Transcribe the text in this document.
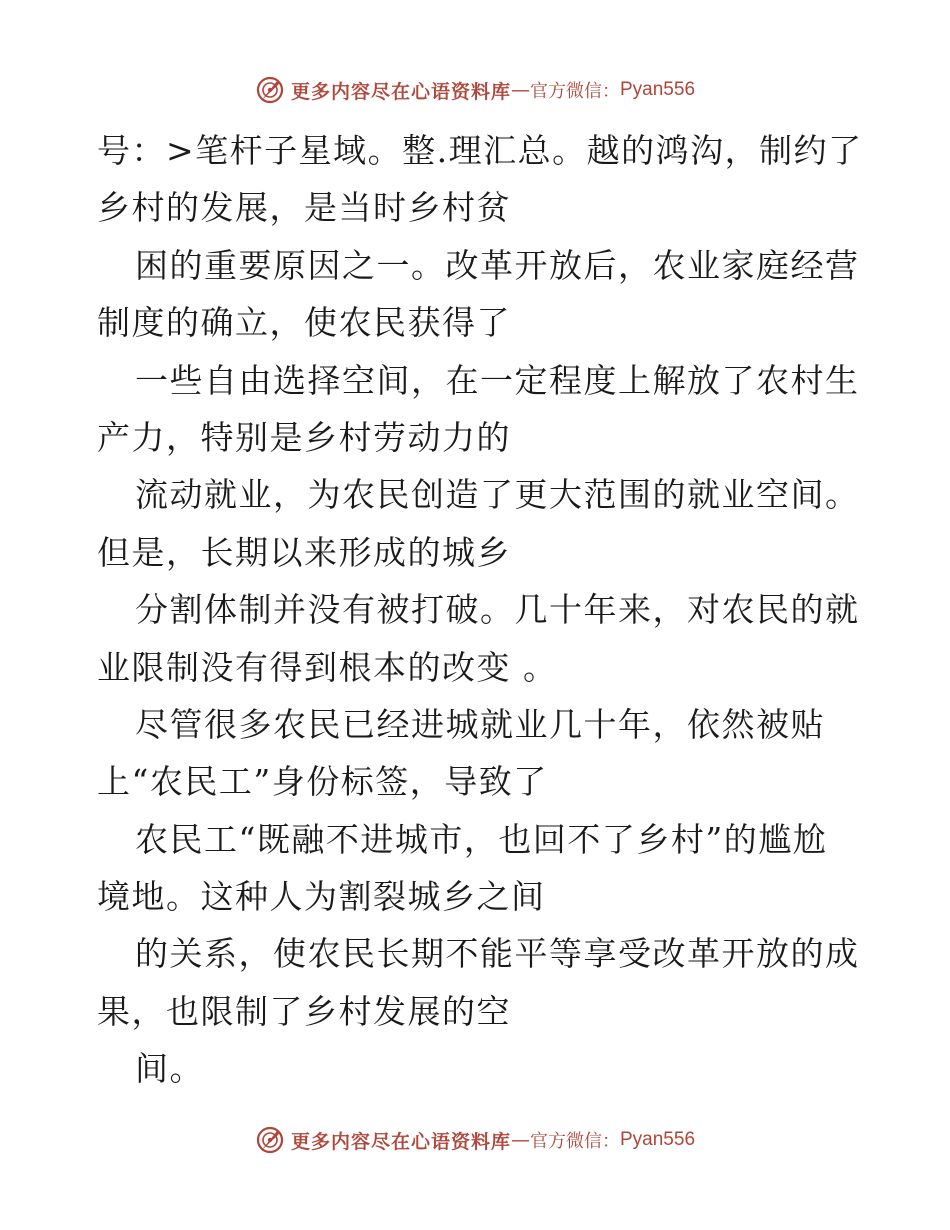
更多内容尽在心语资料库 — 官方微信： Pyan556
号：>笔杆子星域。整.理汇总。越的鸿沟，制约了
乡村的发展，是当时乡村贫
困的重要原因之一。改革开放后，农业家庭经营
制度的确立，使农民获得了
一些自由选择空间，在一定程度上解放了农村生
产力，特别是乡村劳动力的
流动就业，为农民创造了更大范围的就业空间。
但是，长期以来形成的城乡
分割体制并没有被打破。几十年来，对农民的就
业限制没有得到根本的改变 。
尽管很多农民已经进城就业几十年，依然被贴
上“农民工”身份标签，导致了
农民工“既融不进城市，也回不了乡村”的尴尬
境地。这种人为割裂城乡之间
的关系，使农民长期不能平等享受改革开放的成
果，也限制了乡村发展的空
间。
更多内容尽在心语资料库 — 官方微信： Pyan556
